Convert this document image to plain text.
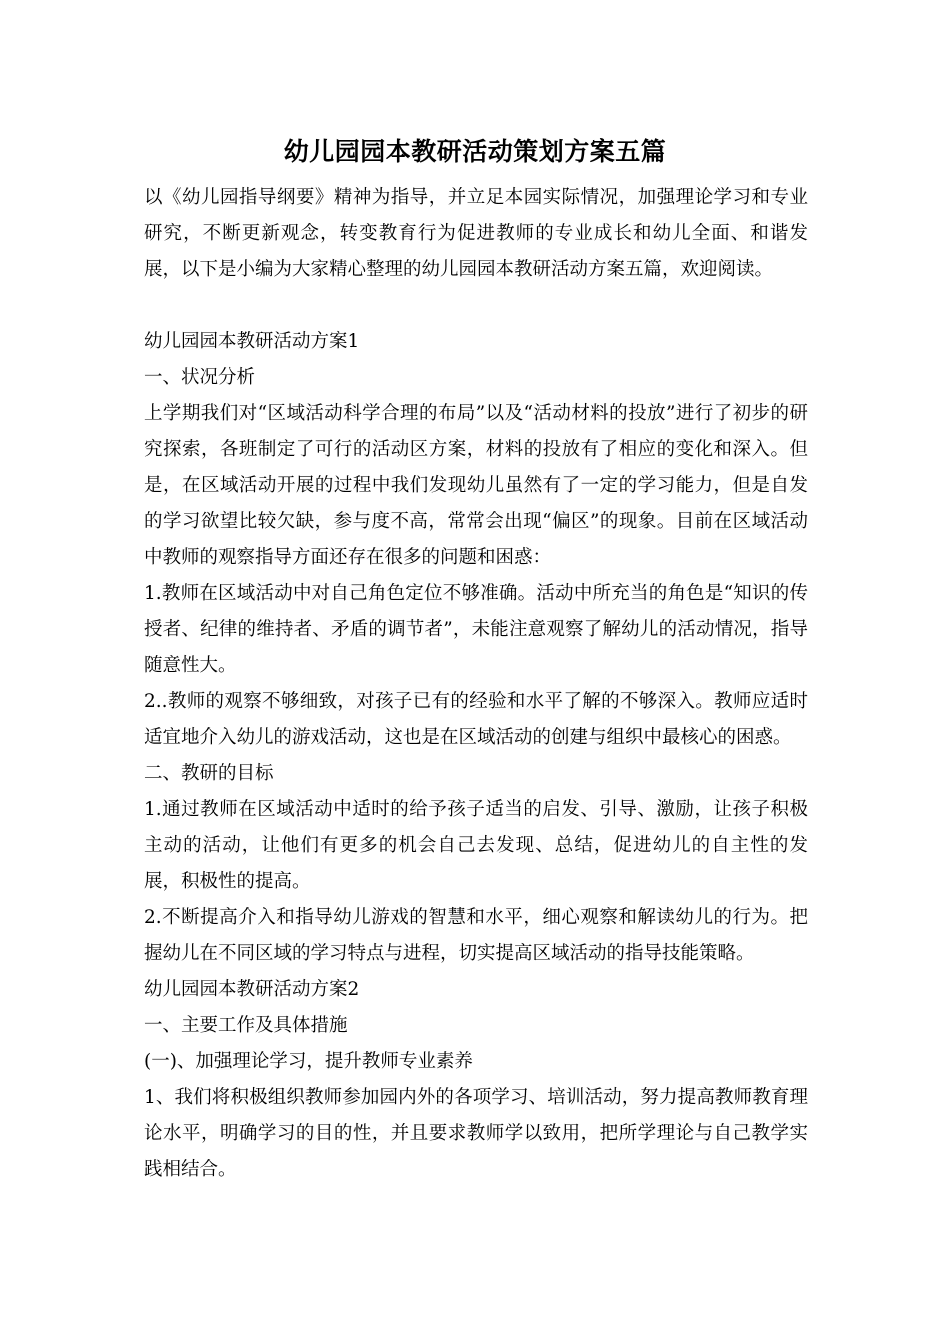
幼儿园园本教研活动策划方案五篇

以《幼儿园指导纲要》精神为指导，并立足本园实际情况，加强理论学习和专业研究，不断更新观念，转变教育行为促进教师的专业成长和幼儿全面、和谐发展，以下是小编为大家精心整理的幼儿园园本教研活动方案五篇，欢迎阅读。

幼儿园园本教研活动方案1

一、状况分析

上学期我们对“区域活动科学合理的布局”以及“活动材料的投放”进行了初步的研究探索，各班制定了可行的活动区方案，材料的投放有了相应的变化和深入。但是，在区域活动开展的过程中我们发现幼儿虽然有了一定的学习能力，但是自发的学习欲望比较欠缺，参与度不高，常常会出现“偏区”的现象。目前在区域活动中教师的观察指导方面还存在很多的问题和困惑：

1.教师在区域活动中对自己角色定位不够准确。活动中所充当的角色是“知识的传授者、纪律的维持者、矛盾的调节者”，未能注意观察了解幼儿的活动情况，指导随意性大。

2..教师的观察不够细致，对孩子已有的经验和水平了解的不够深入。教师应适时适宜地介入幼儿的游戏活动，这也是在区域活动的创建与组织中最核心的困惑。

二、教研的目标

1.通过教师在区域活动中适时的给予孩子适当的启发、引导、激励，让孩子积极主动的活动，让他们有更多的机会自己去发现、总结，促进幼儿的自主性的发展，积极性的提高。

2.不断提高介入和指导幼儿游戏的智慧和水平，细心观察和解读幼儿的行为。把握幼儿在不同区域的学习特点与进程，切实提高区域活动的指导技能策略。

幼儿园园本教研活动方案2

一、主要工作及具体措施

(一)、加强理论学习，提升教师专业素养

1、我们将积极组织教师参加园内外的各项学习、培训活动，努力提高教师教育理论水平，明确学习的目的性，并且要求教师学以致用，把所学理论与自己教学实践相结合。
